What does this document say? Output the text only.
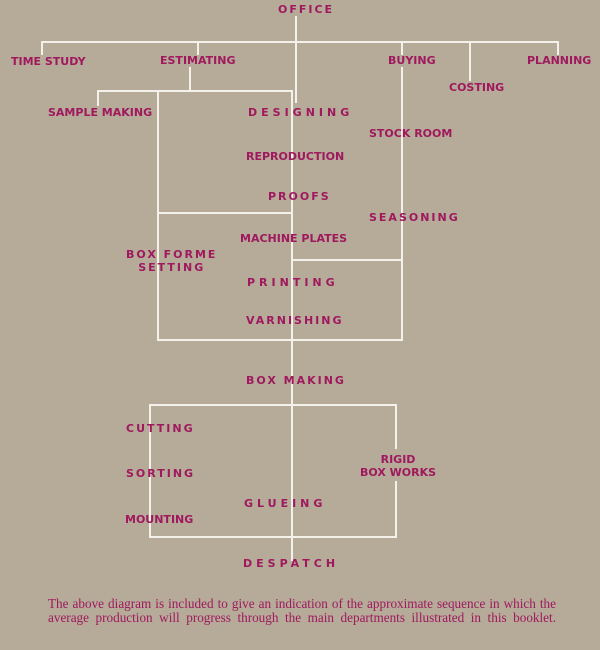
OFFICE
TIME STUDY	ESTIMATING	BUYING
COSTING
PLANNING
SAMPLE MAKING
BOX FORME
SETTING
DESIGNING
REPRODUCTION
PROOFS
MACHINE PLATES
PRINTING
VARNISHING
BOX MAKING
STOCK ROOM
SEASONING
CUTTING
SORTING
MOUNTING
GLUEING
RIGID
BOX WORKS
DESPATCH
The above diagram is included to give an indication of the approximate sequence in which the average production will progress through the main departments illustrated in this booklet.
